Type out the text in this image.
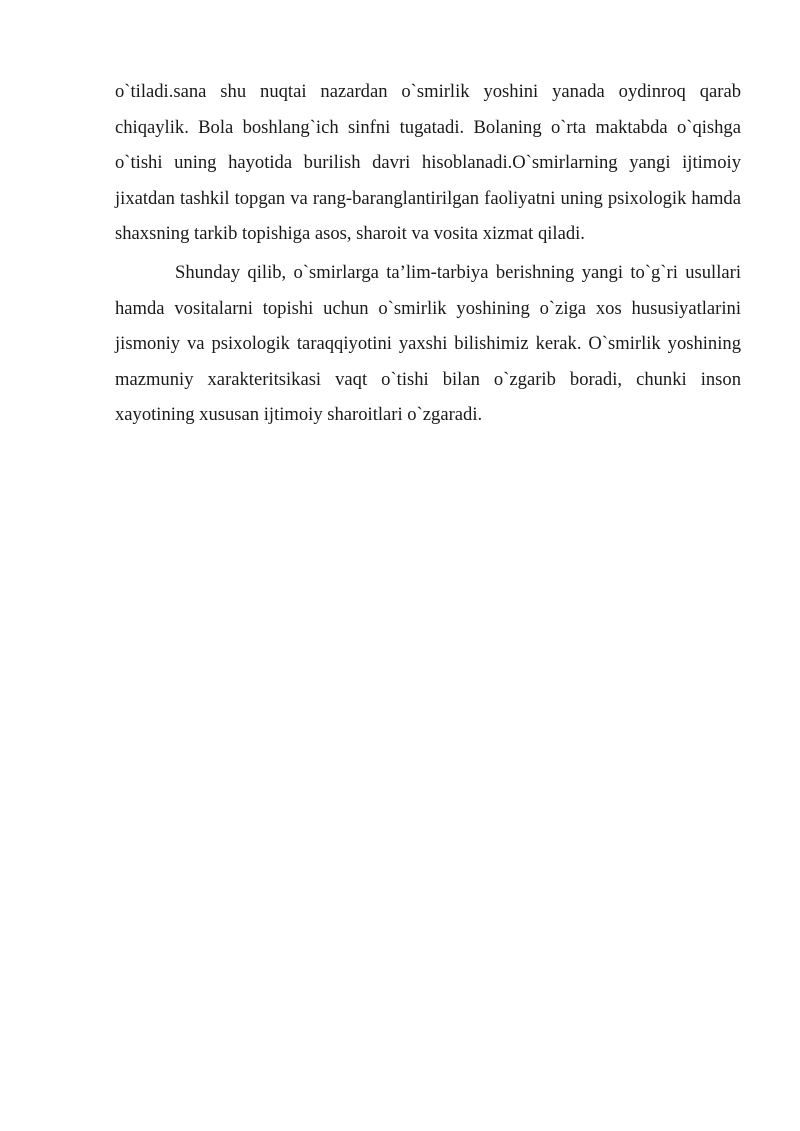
o`tiladi.sana shu nuqtai nazardan o`smirlik yoshini yanada oydinroq qarab chiqaylik. Bola boshlang`ich sinfni tugatadi. Bolaning o`rta maktabda o`qishga o`tishi uning hayotida burilish davri hisoblanadi.O`smirlarning yangi ijtimoiy jixatdan tashkil topgan va rang-baranglantirilgan faoliyatni uning psixologik hamda shaxsning tarkib topishiga asos, sharoit va vosita xizmat qiladi.

Shunday qilib, o`smirlarga ta’lim-tarbiya berishning yangi to`g`ri usullari hamda vositalarni topishi uchun o`smirlik yoshining o`ziga xos hususiyatlarini jismoniy va psixologik taraqqiyotini yaxshi bilishimiz kerak. O`smirlik yoshining mazmuniy xarakteritsikasi vaqt o`tishi bilan o`zgarib boradi, chunki inson xayotining xususan ijtimoiy sharoitlari o`zgaradi.
